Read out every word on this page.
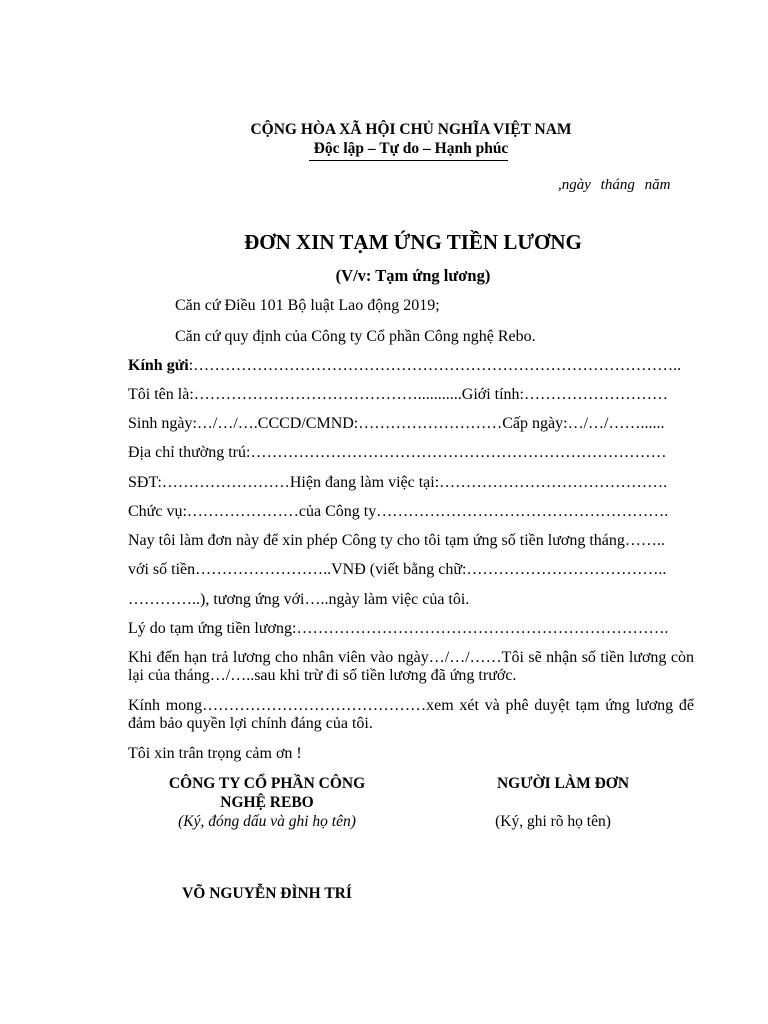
CỘNG HÒA XÃ HỘI CHỦ NGHĨA VIỆT NAM
Độc lập – Tự do – Hạnh phúc
,ngày tháng năm
ĐƠN XIN TẠM ỨNG TIỀN LƯƠNG
(V/v: Tạm ứng lương)
Căn cứ Điều 101 Bộ luật Lao động 2019;
Căn cứ quy định của Công ty Cổ phần Công nghệ Rebo.
Kính gửi:………………………………………………………………………………..
Tôi tên là:……………………………………...........Giới tính:………………………
Sinh ngày:…/…/….CCCD/CMND:………………………Cấp ngày:…/…/……......
Địa chỉ thường trú:……………………………………………………………………
SĐT:……………………Hiện đang làm việc tại:…………………………………….
Chức vụ:…………………của Công ty……………………………………………….
Nay tôi làm đơn này để xin phép Công ty cho tôi tạm ứng số tiền lương tháng……..
với số tiền……………………..VNĐ (viết bằng chữ:………………………………..
…………..), tương ứng với…..ngày làm việc của tôi.
Lý do tạm ứng tiền lương:…………………………………………………………….
Khi đến hạn trả lương cho nhân viên vào ngày…/…/……Tôi sẽ nhận số tiền lương còn lại của tháng…/…..sau khi trừ đi số tiền lương đã ứng trước.
Kính mong……………………………………xem xét và phê duyệt tạm ứng lương để đảm bảo quyền lợi chính đáng của tôi.
Tôi xin trân trọng cảm ơn !
CÔNG TY CỔ PHẦN CÔNG
NGHỆ REBO
(Ký, đóng dấu và ghi họ tên)
NGƯỜI LÀM ĐƠN
(Ký, ghi rõ họ tên)
VÕ NGUYỄN ĐÌNH TRÍ
